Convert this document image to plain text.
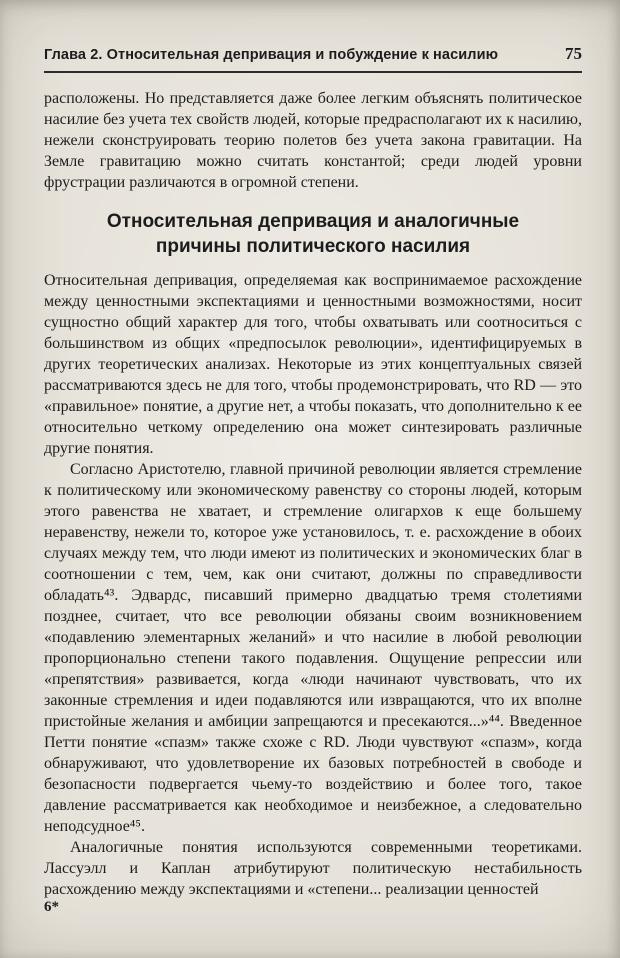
Глава 2. Относительная депривация и побуждение к насилию	75

расположены. Но представляется даже более легким объяснять политическое насилие без учета тех свойств людей, которые предрасполагают их к насилию, нежели сконструировать теорию полетов без учета закона гравитации. На Земле гравитацию можно считать константой; среди людей уровни фрустрации различаются в огромной степени.

Относительная депривация и аналогичные причины политического насилия

Относительная депривация, определяемая как воспринимаемое расхождение между ценностными экспектациями и ценностными возможностями, носит сущностно общий характер для того, чтобы охватывать или соотноситься с большинством из общих «предпосылок революции», идентифицируемых в других теоретических анализах. Некоторые из этих концептуальных связей рассматриваются здесь не для того, чтобы продемонстрировать, что RD — это «правильное» понятие, а другие нет, а чтобы показать, что дополнительно к ее относительно четкому определению она может синтезировать различные другие понятия.

Согласно Аристотелю, главной причиной революции является стремление к политическому или экономическому равенству со стороны людей, которым этого равенства не хватает, и стремление олигархов к еще большему неравенству, нежели то, которое уже установилось, т. е. расхождение в обоих случаях между тем, что люди имеют из политических и экономических благ в соотношении с тем, чем, как они считают, должны по справедливости обладать⁴³. Эдвардс, писавший примерно двадцатью тремя столетиями позднее, считает, что все революции обязаны своим возникновением «подавлению элементарных желаний» и что насилие в любой революции пропорционально степени такого подавления. Ощущение репрессии или «препятствия» развивается, когда «люди начинают чувствовать, что их законные стремления и идеи подавляются или извращаются, что их вполне пристойные желания и амбиции запрещаются и пресекаются...»⁴⁴. Введенное Петти понятие «спазм» также схоже с RD. Люди чувствуют «спазм», когда обнаруживают, что удовлетворение их базовых потребностей в свободе и безопасности подвергается чьему-то воздействию и более того, такое давление рассматривается как необходимое и неизбежное, а следовательно неподсудное⁴⁵.

Аналогичные понятия используются современными теоретиками. Лассуэлл и Каплан атрибутируют политическую нестабильность расхождению между экспектациями и «степени... реализации ценностей

6*
